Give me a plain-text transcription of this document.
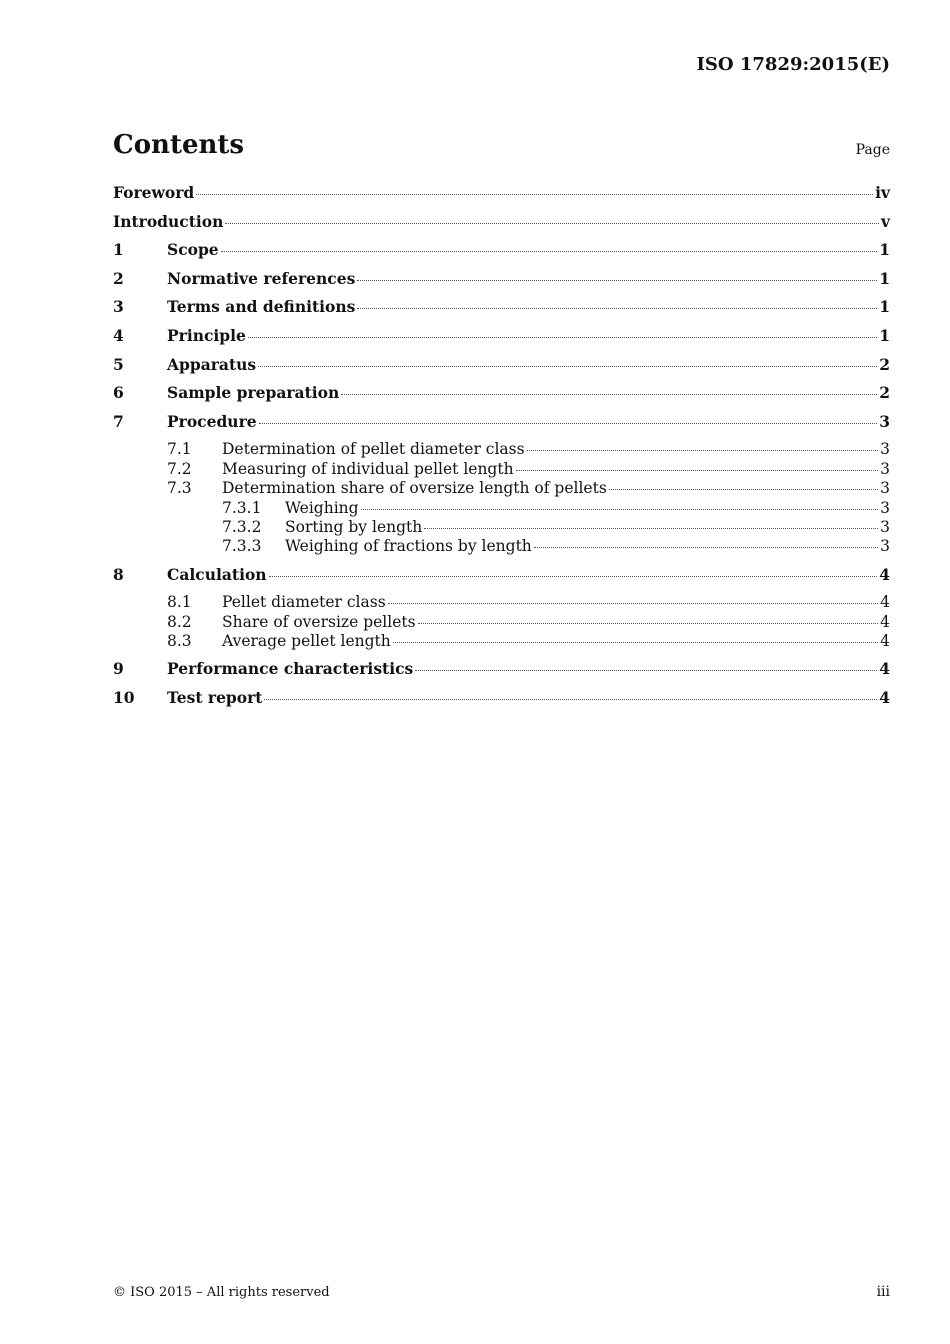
ISO 17829:2015(E)
Contents	Page
Foreword	iv
Introduction	v
1	Scope	1
2	Normative references	1
3	Terms and definitions	1
4	Principle	1
5	Apparatus	2
6	Sample preparation	2
7	Procedure	3
7.1	Determination of pellet diameter class	3
7.2	Measuring of individual pellet length	3
7.3	Determination share of oversize length of pellets	3
7.3.1	Weighing	3
7.3.2	Sorting by length	3
7.3.3	Weighing of fractions by length	3
8	Calculation	4
8.1	Pellet diameter class	4
8.2	Share of oversize pellets	4
8.3	Average pellet length	4
9	Performance characteristics	4
10	Test report	4
© ISO 2015 – All rights reserved	iii
